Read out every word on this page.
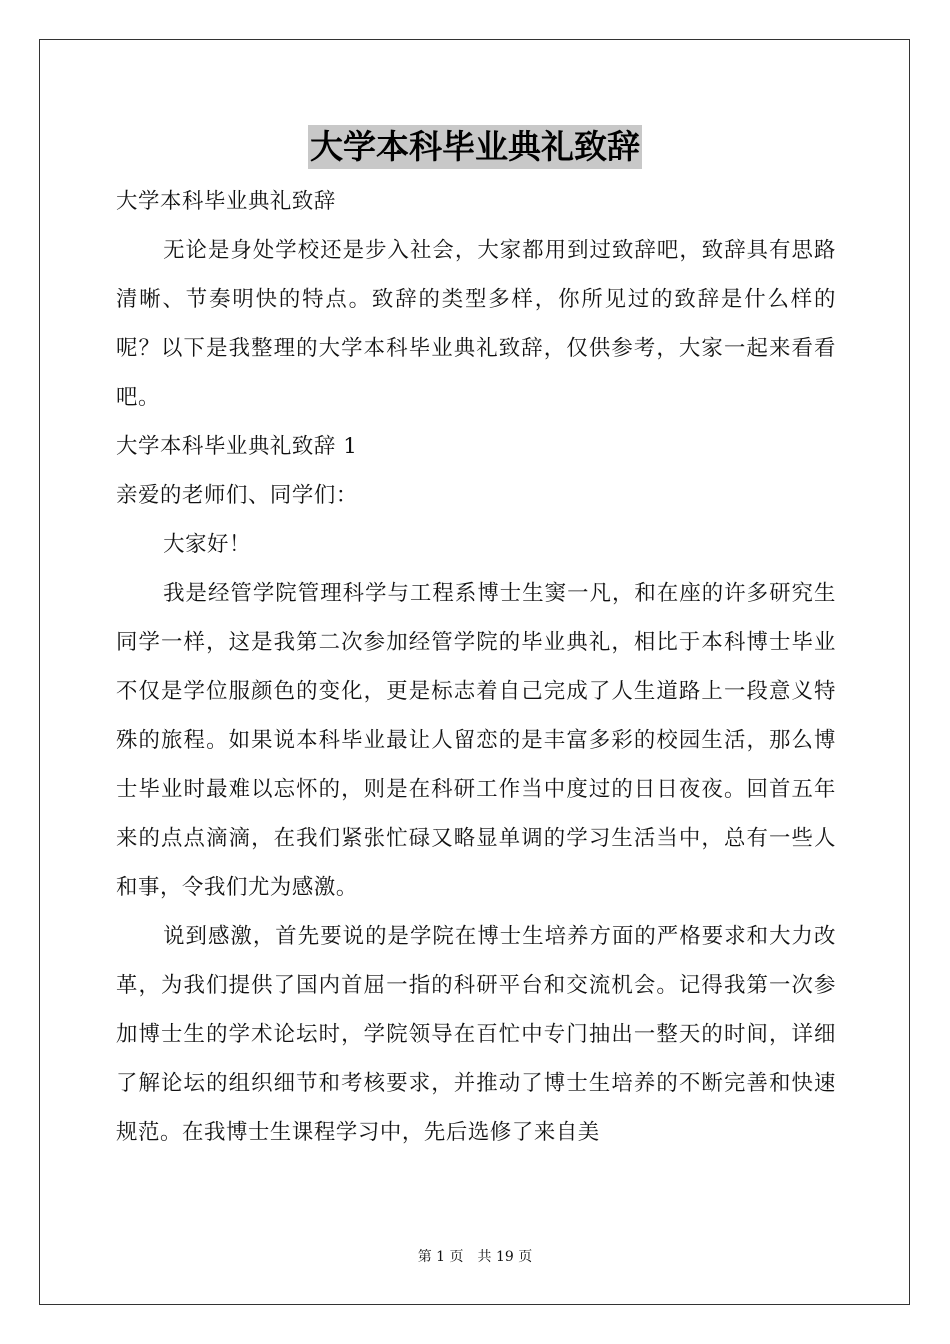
大学本科毕业典礼致辞

大学本科毕业典礼致辞

无论是身处学校还是步入社会，大家都用到过致辞吧，致辞具有思路清晰、节奏明快的特点。致辞的类型多样，你所见过的致辞是什么样的呢？以下是我整理的大学本科毕业典礼致辞，仅供参考，大家一起来看看吧。

大学本科毕业典礼致辞 1

亲爱的老师们、同学们：

大家好！

我是经管学院管理科学与工程系博士生窦一凡，和在座的许多研究生同学一样，这是我第二次参加经管学院的毕业典礼，相比于本科博士毕业不仅是学位服颜色的变化，更是标志着自己完成了人生道路上一段意义特殊的旅程。如果说本科毕业最让人留恋的是丰富多彩的校园生活，那么博士毕业时最难以忘怀的，则是在科研工作当中度过的日日夜夜。回首五年来的点点滴滴，在我们紧张忙碌又略显单调的学习生活当中，总有一些人和事，令我们尤为感激。

说到感激，首先要说的是学院在博士生培养方面的严格要求和大力改革，为我们提供了国内首屈一指的科研平台和交流机会。记得我第一次参加博士生的学术论坛时，学院领导在百忙中专门抽出一整天的时间，详细了解论坛的组织细节和考核要求，并推动了博士生培养的不断完善和快速规范。在我博士生课程学习中，先后选修了来自美

第 1 页 共 19 页
